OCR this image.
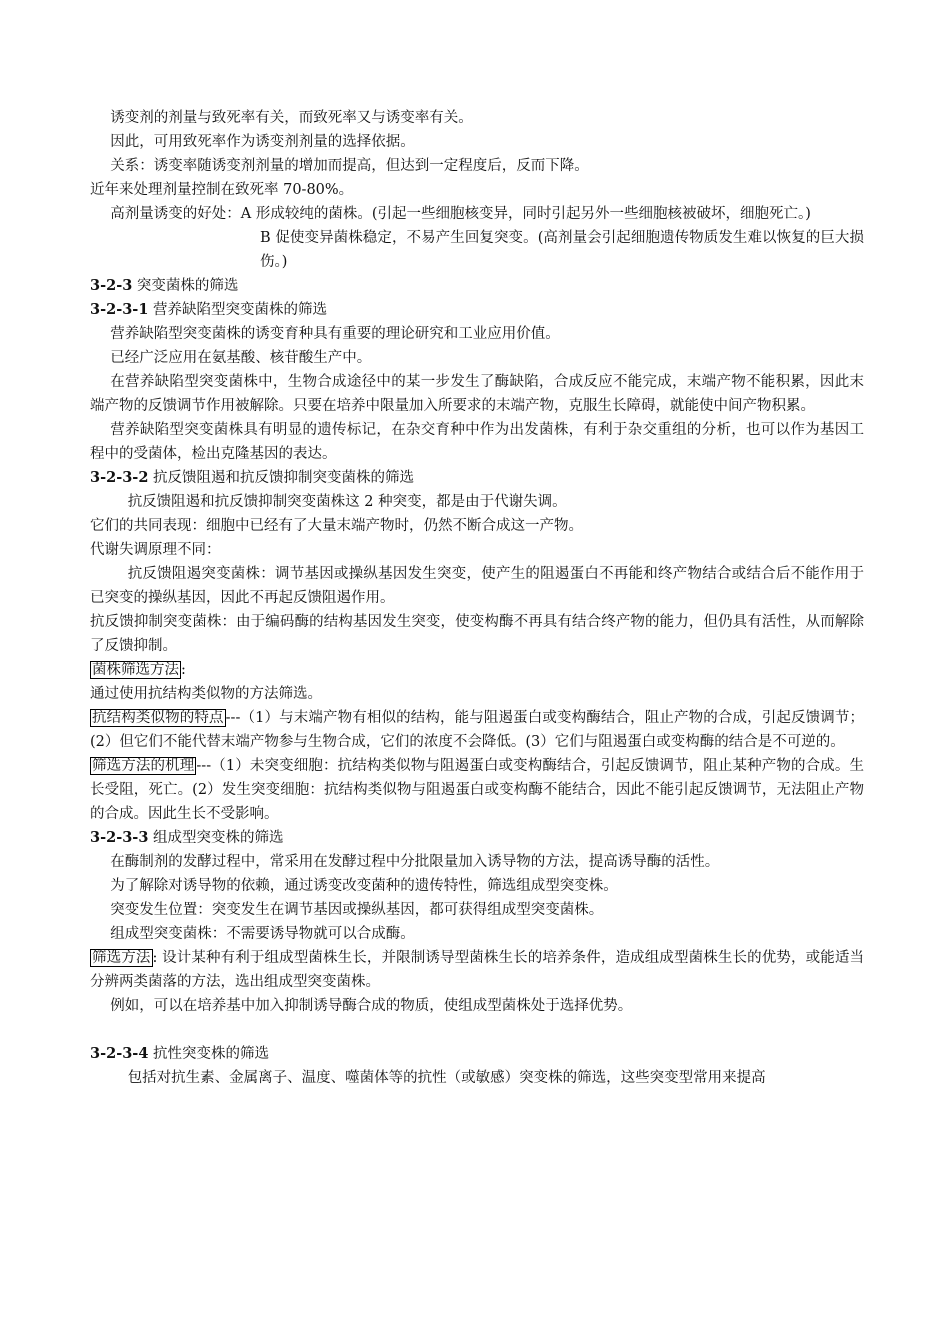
诱变剂的剂量与致死率有关，而致死率又与诱变率有关。

因此，可用致死率作为诱变剂剂量的选择依据。

关系：诱变率随诱变剂剂量的增加而提高，但达到一定程度后，反而下降。

近年来处理剂量控制在致死率 70-80%。

高剂量诱变的好处：A 形成较纯的菌株。(引起一些细胞核变异，同时引起另外一些细胞核被破坏，细胞死亡。)

B 促使变异菌株稳定，不易产生回复突变。(高剂量会引起细胞遗传物质发生难以恢复的巨大损伤。)

3-2-3 突变菌株的筛选

3-2-3-1 营养缺陷型突变菌株的筛选

营养缺陷型突变菌株的诱变育种具有重要的理论研究和工业应用价值。

已经广泛应用在氨基酸、核苷酸生产中。

在营养缺陷型突变菌株中，生物合成途径中的某一步发生了酶缺陷，合成反应不能完成，末端产物不能积累，因此末端产物的反馈调节作用被解除。只要在培养中限量加入所要求的末端产物，克服生长障碍，就能使中间产物积累。

营养缺陷型突变菌株具有明显的遗传标记，在杂交育种中作为出发菌株，有利于杂交重组的分析，也可以作为基因工程中的受菌体，检出克隆基因的表达。

3-2-3-2 抗反馈阻遏和抗反馈抑制突变菌株的筛选

抗反馈阻遏和抗反馈抑制突变菌株这 2 种突变，都是由于代谢失调。

它们的共同表现：细胞中已经有了大量末端产物时，仍然不断合成这一产物。

代谢失调原理不同：

抗反馈阻遏突变菌株：调节基因或操纵基因发生突变，使产生的阻遏蛋白不再能和终产物结合或结合后不能作用于已突变的操纵基因，因此不再起反馈阻遏作用。

抗反馈抑制突变菌株：由于编码酶的结构基因发生突变，使变构酶不再具有结合终产物的能力，但仍具有活性，从而解除了反馈抑制。

菌株筛选方法 :

通过使用抗结构类似物的方法筛选。

抗结构类似物的特点 ---（1）与末端产物有相似的结构，能与阻遏蛋白或变构酶结合，阻止产物的合成，引起反馈调节；(2）但它们不能代替末端产物参与生物合成，它们的浓度不会降低。(3）它们与阻遏蛋白或变构酶的结合是不可逆的。

筛选方法的机理 ---（1）未突变细胞：抗结构类似物与阻遏蛋白或变构酶结合，引起反馈调节，阻止某种产物的合成。生长受阻，死亡。(2）发生突变细胞：抗结构类似物与阻遏蛋白或变构酶不能结合，因此不能引起反馈调节，无法阻止产物的合成。因此生长不受影响。

3-2-3-3 组成型突变株的筛选

在酶制剂的发酵过程中，常采用在发酵过程中分批限量加入诱导物的方法，提高诱导酶的活性。

为了解除对诱导物的依赖，通过诱变改变菌种的遗传特性，筛选组成型突变株。

突变发生位置：突变发生在调节基因或操纵基因，都可获得组成型突变菌株。

组成型突变菌株：不需要诱导物就可以合成酶。

筛选方法 : 设计某种有利于组成型菌株生长，并限制诱导型菌株生长的培养条件，造成组成型菌株生长的优势，或能适当分辨两类菌落的方法，选出组成型突变菌株。

例如，可以在培养基中加入抑制诱导酶合成的物质，使组成型菌株处于选择优势。

3-2-3-4 抗性突变株的筛选

包括对抗生素、金属离子、温度、噬菌体等的抗性（或敏感）突变株的筛选，这些突变型常用来提高
